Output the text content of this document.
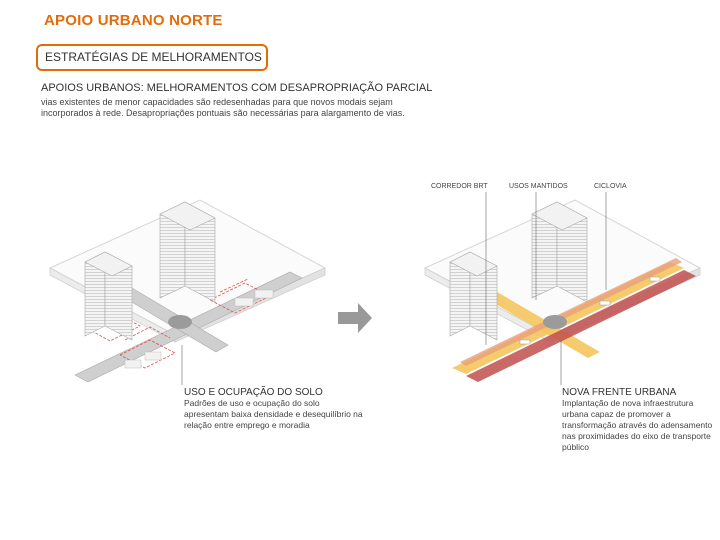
APOIO URBANO NORTE
ESTRATÉGIAS DE MELHORAMENTOS
APOIOS URBANOS: MELHORAMENTOS COM DESAPROPRIAÇÃO PARCIAL
vias existentes de menor capacidades são redesenhadas para que novos modais sejam incorporados à rede. Desapropriações pontuais são necessárias para alargamento de vias.
CORREDOR BRT	USOS MANTIDOS	CICLOVIA
USO E OCUPAÇÃO DO SOLO
Padrões de uso e ocupação do solo apresentam baixa densidade e desequilíbrio na relação entre emprego e moradia
NOVA FRENTE URBANA
Implantação de nova infraestrutura urbana capaz de promover a transformação através do adensamento nas proximidades do eixo de transporte público
